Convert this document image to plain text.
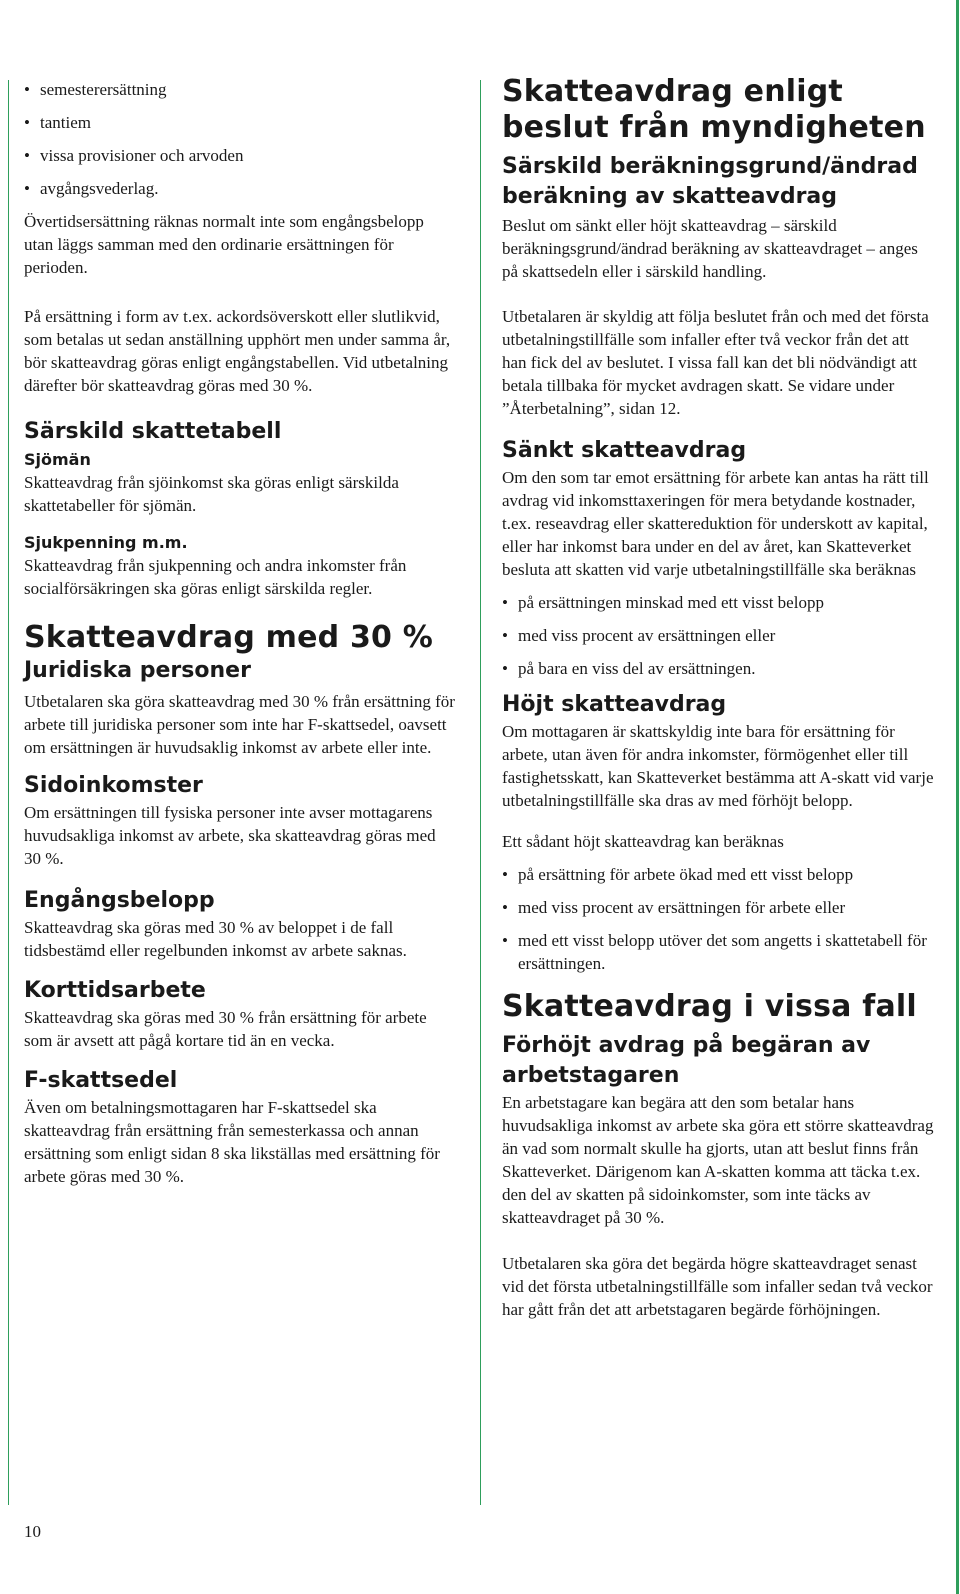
• semesterersättning
• tantiem
• vissa provisioner och arvoden
• avgångsvederlag.

Övertidsersättning räknas normalt inte som engångsbelopp utan läggs samman med den ordinarie ersättningen för perioden.

På ersättning i form av t.ex. ackordsöverskott eller slutlikvid, som betalas ut sedan anställning upphört men under samma år, bör skatteavdrag göras enligt engångstabellen. Vid utbetalning därefter bör skatteavdrag göras med 30 %.

Särskild skattetabell
Sjömän

Skatteavdrag från sjöinkomst ska göras enligt särskilda skattetabeller för sjömän.

Sjukpenning m.m.

Skatteavdrag från sjukpenning och andra inkomster från socialförsäkringen ska göras enligt särskilda regler.

Skatteavdrag med 30 %
Juridiska personer

Utbetalaren ska göra skatteavdrag med 30 % från ersättning för arbete till juridiska personer som inte har F-skattsedel, oavsett om ersättningen är huvudsaklig inkomst av arbete eller inte.

Sidoinkomster

Om ersättningen till fysiska personer inte avser mottagarens huvudsakliga inkomst av arbete, ska skatteavdrag göras med 30 %.

Engångsbelopp

Skatteavdrag ska göras med 30 % av beloppet i de fall tidsbestämd eller regelbunden inkomst av arbete saknas.

Korttidsarbete

Skatteavdrag ska göras med 30 % från ersättning för arbete som är avsett att pågå kortare tid än en vecka.

F-skattsedel

Även om betalningsmottagaren har F-skattsedel ska skatteavdrag från ersättning från semesterkassa och annan ersättning som enligt sidan 8 ska likställas med ersättning för arbete göras med 30 %.

Skatteavdrag enligt beslut från myndigheten
Särskild beräkningsgrund/ändrad beräkning av skatteavdrag

Beslut om sänkt eller höjt skatteavdrag – särskild beräkningsgrund/ändrad beräkning av skatteavdraget – anges på skattsedeln eller i särskild handling.

Utbetalaren är skyldig att följa beslutet från och med det första utbetalningstillfälle som infaller efter två veckor från det att han fick del av beslutet. I vissa fall kan det bli nödvändigt att betala tillbaka för mycket avdragen skatt. Se vidare under ”Återbetalning”, sidan 12.

Sänkt skatteavdrag

Om den som tar emot ersättning för arbete kan antas ha rätt till avdrag vid inkomsttaxeringen för mera betydande kostnader, t.ex. reseavdrag eller skattereduktion för underskott av kapital, eller har inkomst bara under en del av året, kan Skatteverket besluta att skatten vid varje utbetalningstillfälle ska beräknas

• på ersättningen minskad med ett visst belopp
• med viss procent av ersättningen eller
• på bara en viss del av ersättningen.
Höjt skatteavdrag

Om mottagaren är skattskyldig inte bara för ersättning för arbete, utan även för andra inkomster, förmögenhet eller till fastighetsskatt, kan Skatteverket bestämma att A-skatt vid varje utbetalningstillfälle ska dras av med förhöjt belopp.

Ett sådant höjt skatteavdrag kan beräknas

• på ersättning för arbete ökad med ett visst belopp
• med viss procent av ersättningen för arbete eller
• med ett visst belopp utöver det som angetts i skattetabell för ersättningen.
Skatteavdrag i vissa fall
Förhöjt avdrag på begäran av arbetstagaren

En arbetstagare kan begära att den som betalar hans huvudsakliga inkomst av arbete ska göra ett större skatteavdrag än vad som normalt skulle ha gjorts, utan att beslut finns från Skatteverket. Därigenom kan A-skatten komma att täcka t.ex. den del av skatten på sidoinkomster, som inte täcks av skatteavdraget på 30 %.

Utbetalaren ska göra det begärda högre skatteavdraget senast vid det första utbetalningstillfälle som infaller sedan två veckor har gått från det att arbetstagaren begärde förhöjningen.

10
